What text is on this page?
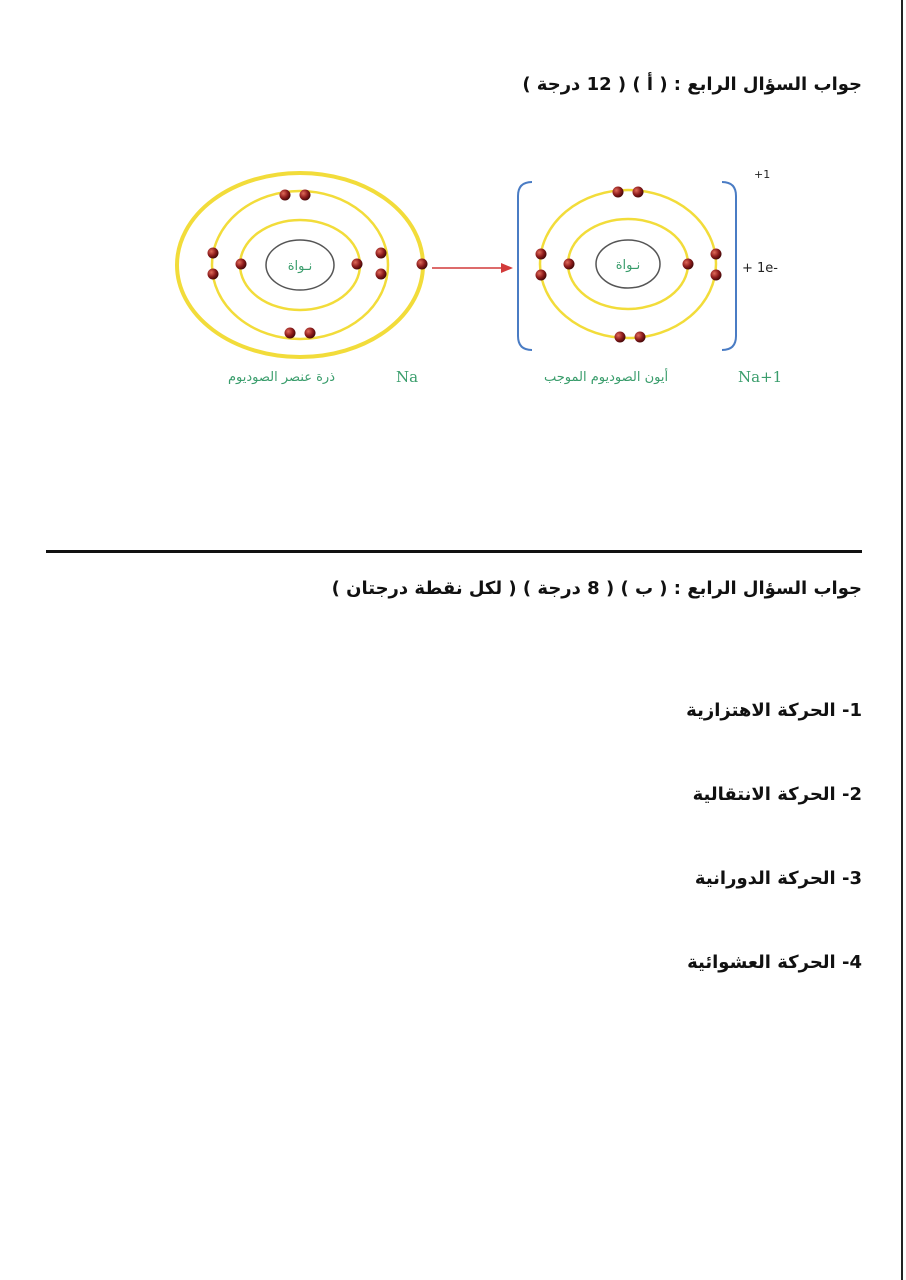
جواب السؤال الرابع : ( أ ) ( 12 درجة )
نـواة	نـواة
+1
+ 1e-
ذرة عنصر الصوديوم	Na	أيون الصوديوم الموجب	Na+1
جواب السؤال الرابع : ( ب ) ( 8 درجة ) ( لكل نقطة درجتان )
1- الحركة الاهتزازية
2- الحركة الانتقالية
3- الحركة الدورانية
4- الحركة العشوائية
